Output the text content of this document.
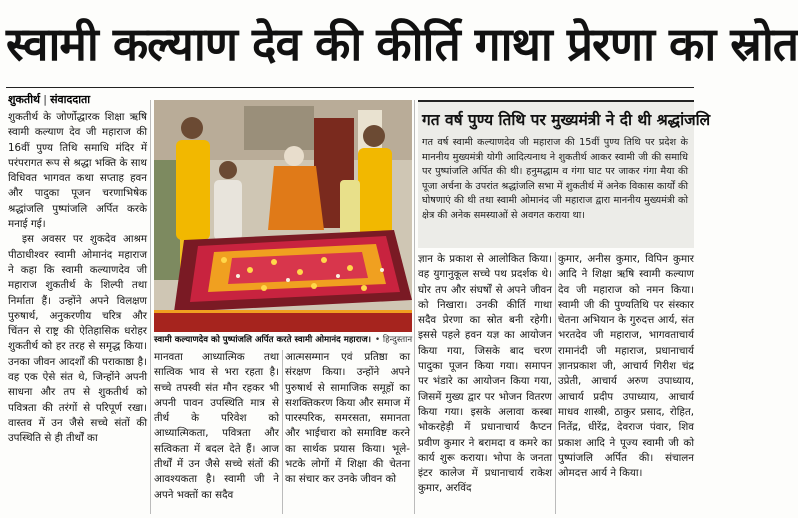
स्वामी कल्याण देव की कीर्ति गाथा प्रेरणा का स्रोत
शुकतीर्थ | संवाददाता

शुकतीर्थ के जोर्णोद्धारक शिक्षा ऋषि स्वामी कल्याण देव जी महाराज की 16वीं पुण्य तिथि समाधि मंदिर में परंपरागत रूप से श्रद्धा भक्ति के साथ विधिवत भागवत कथा सप्ताह हवन और पादुका पूजन चरणाभिषेक श्रद्धांजलि पुष्पांजलि अर्पित करके मनाई गई।

इस अवसर पर शुकदेव आश्रम पीठाधीश्वर स्वामी ओमानंद महाराज ने कहा कि स्वामी कल्याणदेव जी महाराज शुकतीर्थ के शिल्पी तथा निर्माता हैं। उन्होंने अपने विलक्षण पुरुषार्थ, अनुकरणीय चरित्र और चिंतन से राष्ट्र की ऐतिहासिक धरोहर शुकतीर्थ को हर तरह से समृद्ध किया। उनका जीवन आदर्शों की पराकाष्ठा है। वह एक ऐसे संत थे, जिन्होंने अपनी साधना और तप से शुकतीर्थ को पवित्रता की तरंगों से परिपूर्ण रखा। वास्तव में उन जैसे सच्चे संतों की उपस्थिति से ही तीर्थों का

स्वामी कल्याणदेव को पुष्पांजलि अर्पित करते स्वामी ओमानंद महाराज। • हिन्दुस्तान

मानवता आध्यात्मिक तथा सात्विक भाव से भरा रहता है। सच्चे तपस्वी संत मौन रहकर भी अपनी पावन उपस्थिति मात्र से तीर्थ के परिवेश को आध्यात्मिकता, पवित्रता और सत्विकता में बदल देते हैं। आज तीर्थों में उन जैसे सच्चे संतों की आवश्यकता है। स्वामी जी ने अपने भक्तों का सदैव

आत्मसम्मान एवं प्रतिष्ठा का संरक्षण किया। उन्होंने अपने पुरुषार्थ से सामाजिक समूहों का सशक्तिकरण किया और समाज में पारस्परिक, समरसता, समानता और भाईचारा को समाविष्ट करने का सार्थक प्रयास किया। भूले-भटके लोगों में शिक्षा की चेतना का संचार कर उनके जीवन को

गत वर्ष पुण्य तिथि पर मुख्यमंत्री ने दी थी श्रद्धांजलि
गत वर्ष स्वामी कल्याणदेव जी महाराज की 15वीं पुण्य तिथि पर प्रदेश के माननीय मुख्यमंत्री योगी आदित्यनाथ ने शुकतीर्थ आकर स्वामी जी की समाधि पर पुष्पांजलि अर्पित की थी। हनुमद्धाम व गंगा घाट पर जाकर गंगा मैया की पूजा अर्चना के उपरांत श्रद्धांजलि सभा में शुकतीर्थ में अनेक विकास कार्यों की घोषणाएं की थी तथा स्वामी ओमानंद जी महाराज द्वारा माननीय मुख्यमंत्री को क्षेत्र की अनेक समस्याओं से अवगत कराया था।

ज्ञान के प्रकाश से आलोकित किया। वह युगानुकूल सच्चे पथ प्रदर्शक थे। घोर तप और संघर्षों से अपने जीवन को निखारा। उनकी कीर्ति गाथा सदैव प्रेरणा का स्रोत बनी रहेगी। इससे पहले हवन यज्ञ का आयोजन किया गया, जिसके बाद चरण पादुका पूजन किया गया। समापन पर भंडारे का आयोजन किया गया, जिसमें मुख्य द्वार पर भोजन वितरण किया गया। इसके अलावा कस्बा भोकरहेड़ी में प्रधानाचार्य कैप्टन प्रवीण कुमार ने बरामदा व कमरे का कार्य शुरू कराया। भोपा के जनता इंटर कालेज में प्रधानाचार्य राकेश कुमार, अरविंद

कुमार, अनीस कुमार, विपिन कुमार आदि ने शिक्षा ऋषि स्वामी कल्याण देव जी महाराज को नमन किया। स्वामी जी की पुण्यतिथि पर संस्कार चेतना अभियान के गुरुदत्त आर्य, संत भरतदेव जी महाराज, भागवताचार्य रामानंदी जी महाराज, प्रधानाचार्य ज्ञानप्रकाश जी, आचार्य गिरीश चंद्र उप्रेती, आचार्य अरुण उपाध्याय, आचार्य प्रदीप उपाध्याय, आचार्य माधव शास्त्री, ठाकुर प्रसाद, रोहित, नितेंद्र, धीरेंद्र, देवराज पंवार, शिव प्रकाश आदि ने पूज्य स्वामी जी को पुष्पांजलि अर्पित की। संचालन ओमदत्त आर्य ने किया।
